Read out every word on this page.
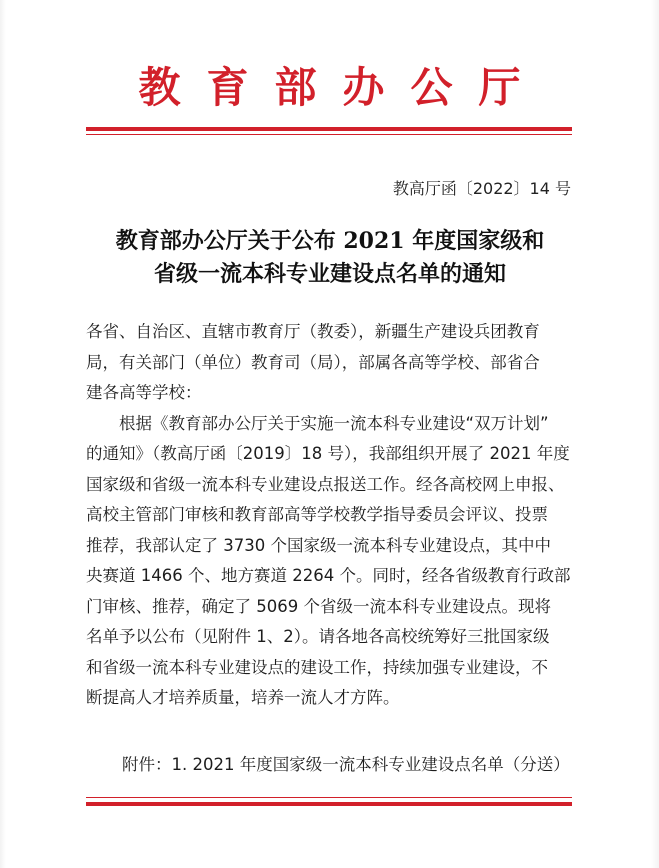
教育部办公厅
教高厅函〔2022〕14 号
教育部办公厅关于公布 2021 年度国家级和
省级一流本科专业建设点名单的通知
各省、自治区、直辖市教育厅（教委），新疆生产建设兵团教育
局，有关部门（单位）教育司（局），部属各高等学校、部省合
建各高等学校：
　　根据《教育部办公厅关于实施一流本科专业建设“双万计划”
的通知》（教高厅函〔2019〕18 号），我部组织开展了 2021 年度
国家级和省级一流本科专业建设点报送工作。经各高校网上申报、
高校主管部门审核和教育部高等学校教学指导委员会评议、投票
推荐，我部认定了 3730 个国家级一流本科专业建设点，其中中
央赛道 1466 个、地方赛道 2264 个。同时，经各省级教育行政部
门审核、推荐，确定了 5069 个省级一流本科专业建设点。现将
名单予以公布（见附件 1、2）。请各地各高校统筹好三批国家级
和省级一流本科专业建设点的建设工作，持续加强专业建设，不
断提高人才培养质量，培养一流人才方阵。
附件：1. 2021 年度国家级一流本科专业建设点名单（分送）
